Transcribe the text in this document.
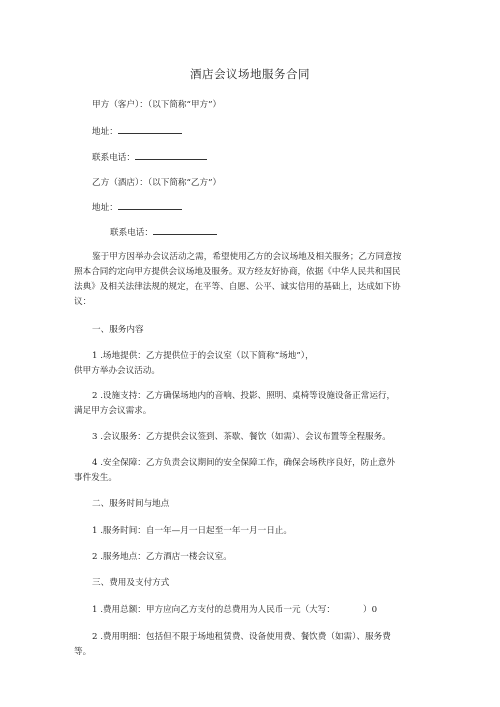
酒店会议场地服务合同
甲方（客户）：（以下简称“甲方”）
地址：
联系电话：
乙方（酒店）：（以下简称“乙方”）
地址：
联系电话：
鉴于甲方因举办会议活动之需，希望使用乙方的会议场地及相关服务；乙方同意按
照本合同约定向甲方提供会议场地及服务。双方经友好协商，依据《中华人民共和国民
法典》及相关法律法规的规定，在平等、自愿、公平、诚实信用的基础上，达成如下协
议：
一、服务内容
1 .场地提供：乙方提供位于的会议室（以下简称“场地”），
供甲方举办会议活动。
2 .设施支持：乙方确保场地内的音响、投影、照明、桌椅等设施设备正常运行，
满足甲方会议需求。
3 .会议服务：乙方提供会议签到、茶歇、餐饮（如需）、会议布置等全程服务。
4 .安全保障：乙方负责会议期间的安全保障工作，确保会场秩序良好，防止意外
事件发生。
二、服务时间与地点
1 .服务时间：自一年—月一日起至一年一月一日止。
2 .服务地点：乙方酒店一楼会议室。
三、费用及支付方式
1 .费用总额：甲方应向乙方支付的总费用为人民币一元（大写：	）0
2 .费用明细：包括但不限于场地租赁费、设备使用费、餐饮费（如需）、服务费
等。
